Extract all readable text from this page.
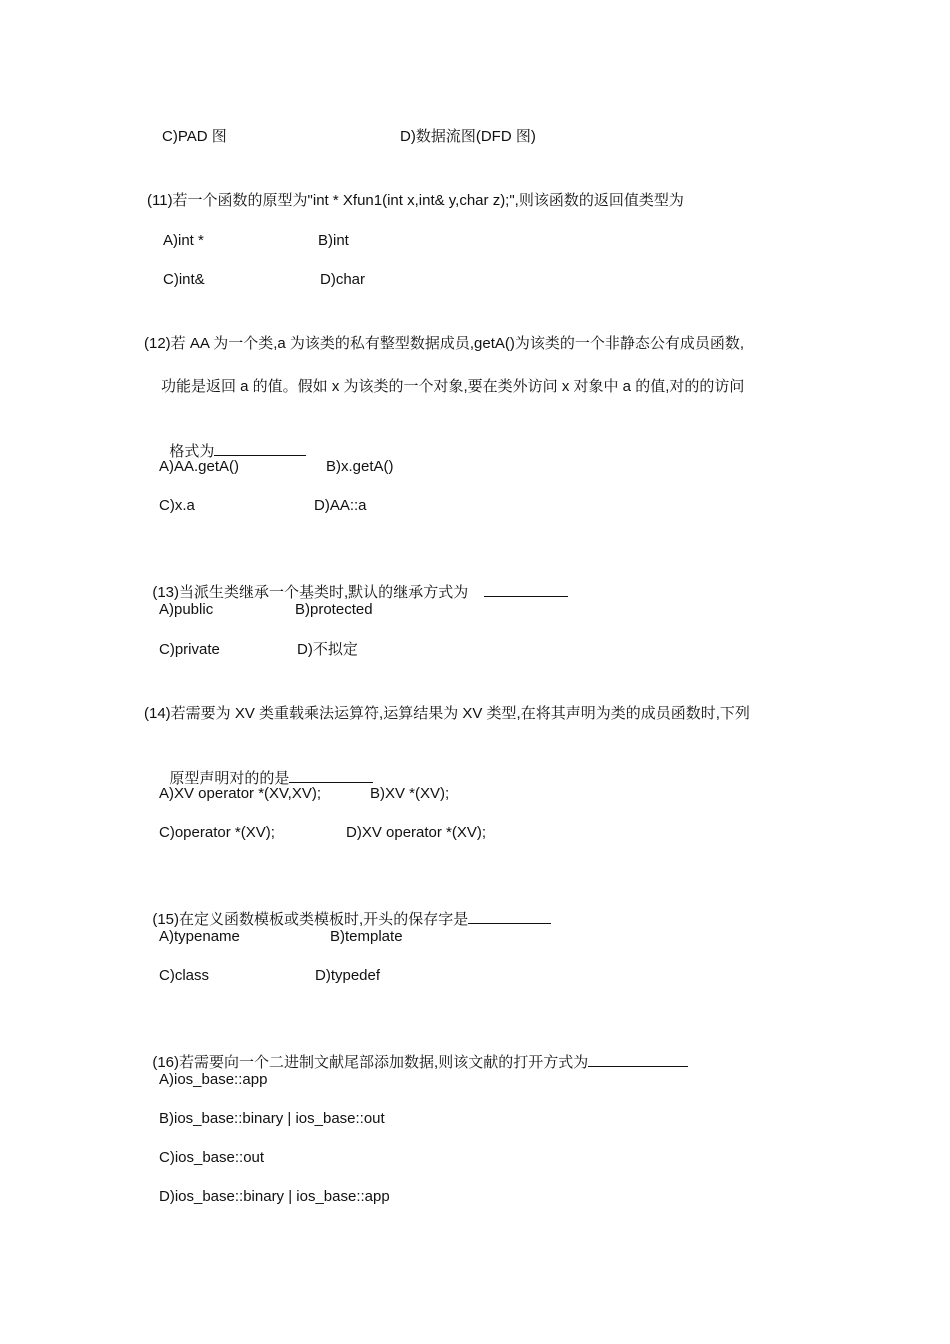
C)PAD 图	D)数据流图(DFD 图)
(11)若一个函数的原型为"int * Xfun1(int x,int& y,char z);",则该函数的返回值类型为
A)int *	B)int
C)int&	D)char
(12)若 AA 为一个类,a 为该类的私有整型数据成员,getA()为该类的一个非静态公有成员函数,
功能是返回 a 的值。假如 x 为该类的一个对象,要在类外访问 x 对象中 a 的值,对的的访问

格式为

A)AA.getA()	B)x.getA()
C)x.a	D)AA::a

(13)当派生类继承一个基类时,默认的继承方式为

A)public	B)protected
C)private	D)不拟定
(14)若需要为 XV 类重载乘法运算符,运算结果为 XV 类型,在将其声明为类的成员函数时,下列

原型声明对的的是

A)XV operator *(XV,XV);	B)XV *(XV);
C)operator *(XV);	D)XV operator *(XV);

(15)在定义函数模板或类模板时,开头的保存字是

A)typename	B)template
C)class	D)typedef

(16)若需要向一个二进制文献尾部添加数据,则该文献的打开方式为

A)ios_base::app
B)ios_base::binary | ios_base::out
C)ios_base::out
D)ios_base::binary | ios_base::app
